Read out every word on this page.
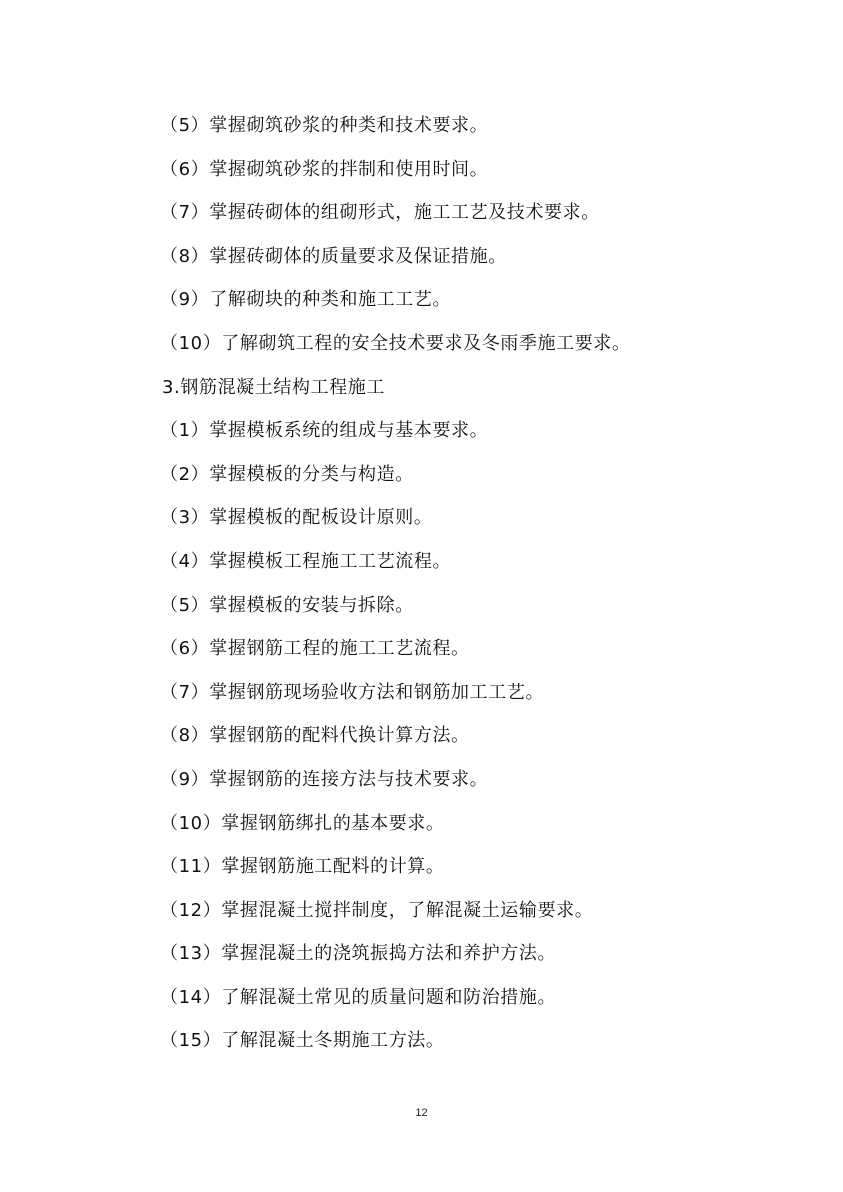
（5）掌握砌筑砂浆的种类和技术要求。
（6）掌握砌筑砂浆的拌制和使用时间。
（7）掌握砖砌体的组砌形式，施工工艺及技术要求。
（8）掌握砖砌体的质量要求及保证措施。
（9）了解砌块的种类和施工工艺。
（10）了解砌筑工程的安全技术要求及冬雨季施工要求。
3.钢筋混凝土结构工程施工
（1）掌握模板系统的组成与基本要求。
（2）掌握模板的分类与构造。
（3）掌握模板的配板设计原则。
（4）掌握模板工程施工工艺流程。
（5）掌握模板的安装与拆除。
（6）掌握钢筋工程的施工工艺流程。
（7）掌握钢筋现场验收方法和钢筋加工工艺。
（8）掌握钢筋的配料代换计算方法。
（9）掌握钢筋的连接方法与技术要求。
（10）掌握钢筋绑扎的基本要求。
（11）掌握钢筋施工配料的计算。
（12）掌握混凝土搅拌制度，了解混凝土运输要求。
（13）掌握混凝土的浇筑振捣方法和养护方法。
（14）了解混凝土常见的质量问题和防治措施。
（15）了解混凝土冬期施工方法。
12
